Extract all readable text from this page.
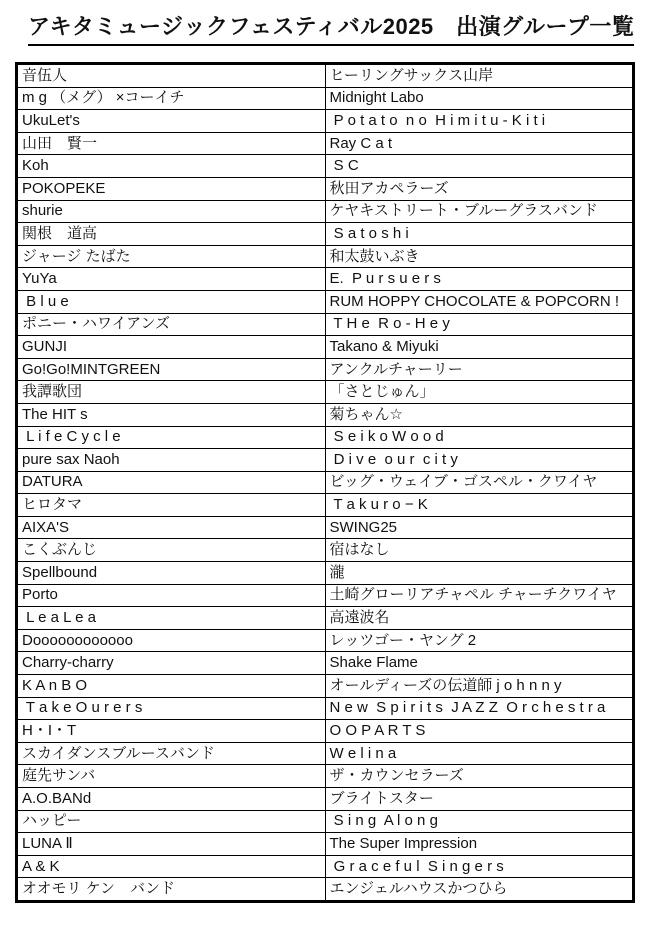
アキタミュージックフェスティバル2025　出演グループ一覧
音伍人	ヒーリングサックス山岸
m g （メグ） ×コーイチ	Midnight Labo
UkuLet's	P o t a t o  n o  H i m i t u - K i t i
山田　賢一	Ray C a t
Koh	S C
POKOPEKE	秋田アカペラーズ
shurie	ケヤキストリート・ブルーグラスバンド
関根　道高	S a t o s h i
ジャージ たばた	和太鼓いぶき
YuYa	E.  P u r s u e r s
B l u e	RUM HOPPY CHOCOLATE & POPCORN !
ポニー・ハワイアンズ	T H e  R o - H e y
GUNJI	Takano & Miyuki
Go!Go!MINTGREEN	アンクルチャーリー
我譚歌団	「さとじゅん」
The HIT s	菊ちゃん☆
L i f e C y c l e	S e i k o W o o d
pure sax Naoh	D i v e  o u r  c i t y
DATURA	ビッグ・ウェイブ・ゴスペル・クワイヤ
ヒロタマ	T a k u r o − K
AIXA'S	SWING25
こくぶんじ	宿はなし
Spellbound	瀧
Porto	土崎グローリアチャペル チャーチクワイヤ
L e a L e a	高遠波名
Doooooooooooo	レッツゴー・ヤング 2
Charry-charry	Shake Flame
K A n B O	オールディーズの伝道師 j o h n n y
T a k e O u r e r s	N e w  S p i r i t s  J A Z Z  O r c h e s t r a
H・I・T	O O P A R T S
スカイダンスブルースバンド	W e l i n a
庭先サンバ	ザ・カウンセラーズ
A.O.BANd	ブライトスター
ハッピー	S i n g  A l o n g
LUNA Ⅱ	The Super Impression
A & K	G r a c e f u l  S i n g e r s
オオモリ ケン　バンド	エンジェルハウスかつひら
